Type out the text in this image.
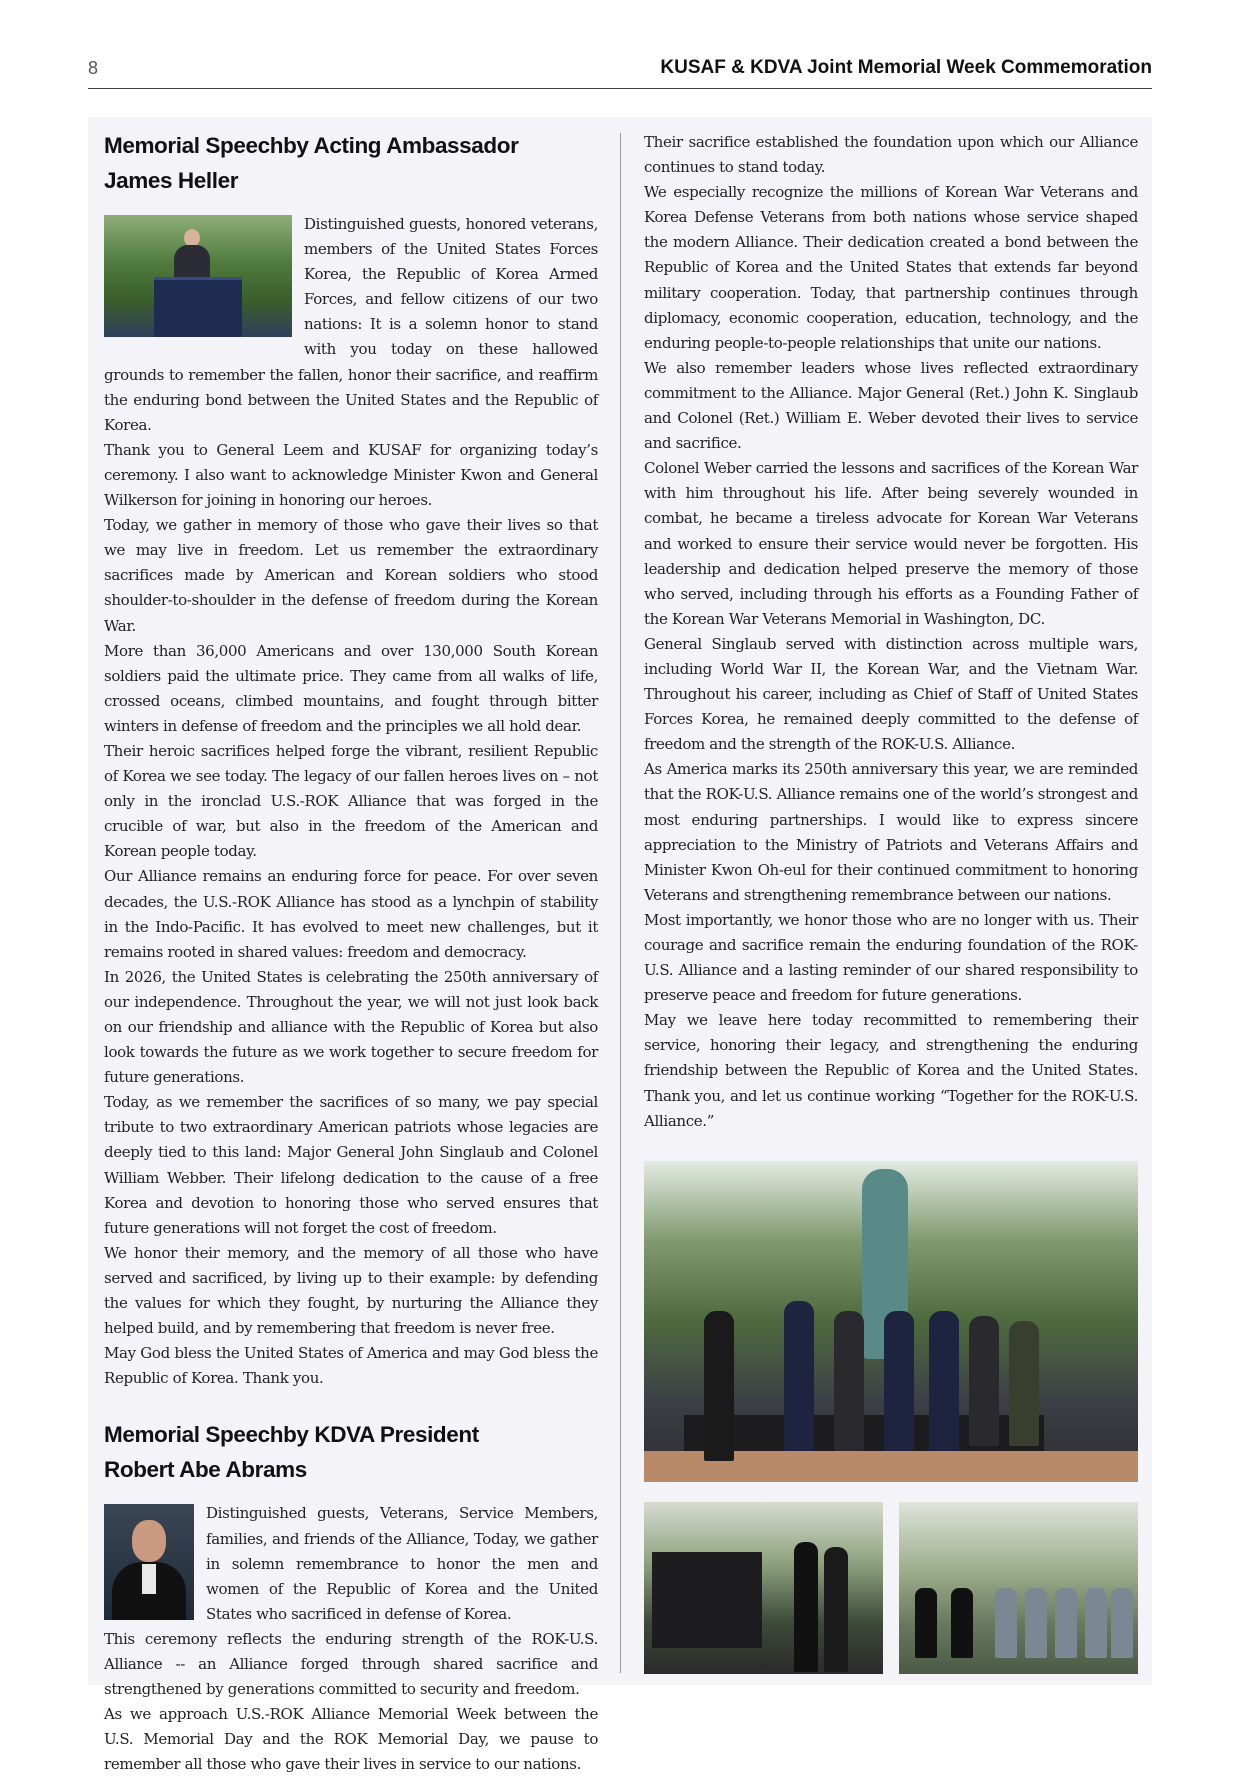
8	KUSAF & KDVA Joint Memorial Week Commemoration
Memorial Speechby Acting Ambassador
James Heller

Distinguished guests, honored veterans, members of the United States Forces Korea, the Republic of Korea Armed Forces, and fellow citizens of our two nations: It is a solemn honor to stand with you today on these hallowed grounds to remember the fallen, honor their sacrifice, and reaffirm the enduring bond between the United States and the Republic of Korea.

Thank you to General Leem and KUSAF for organizing today’s ceremony. I also want to acknowledge Minister Kwon and General Wilkerson for joining in honoring our heroes.

Today, we gather in memory of those who gave their lives so that we may live in freedom. Let us remember the extraordinary sacrifices made by American and Korean soldiers who stood shoulder-to-shoulder in the defense of freedom during the Korean War.

More than 36,000 Americans and over 130,000 South Korean soldiers paid the ultimate price. They came from all walks of life, crossed oceans, climbed mountains, and fought through bitter winters in defense of freedom and the principles we all hold dear.

Their heroic sacrifices helped forge the vibrant, resilient Republic of Korea we see today. The legacy of our fallen heroes lives on – not only in the ironclad U.S.-ROK Alliance that was forged in the crucible of war, but also in the freedom of the American and Korean people today.

Our Alliance remains an enduring force for peace. For over seven decades, the U.S.-ROK Alliance has stood as a lynchpin of stability in the Indo-Pacific. It has evolved to meet new challenges, but it remains rooted in shared values: freedom and democracy.

In 2026, the United States is celebrating the 250th anniversary of our independence. Throughout the year, we will not just look back on our friendship and alliance with the Republic of Korea but also look towards the future as we work together to secure freedom for future generations.

Today, as we remember the sacrifices of so many, we pay special tribute to two extraordinary American patriots whose legacies are deeply tied to this land: Major General John Singlaub and Colonel William Webber. Their lifelong dedication to the cause of a free Korea and devotion to honoring those who served ensures that future generations will not forget the cost of freedom.

We honor their memory, and the memory of all those who have served and sacrificed, by living up to their example: by defending the values for which they fought, by nurturing the Alliance they helped build, and by remembering that freedom is never free.

May God bless the United States of America and may God bless the Republic of Korea. Thank you.

Memorial Speechby KDVA President
Robert Abe Abrams

Distinguished guests, Veterans, Service Members, families, and friends of the Alliance, Today, we gather in solemn remembrance to honor the men and women of the Republic of Korea and the United States who sacrificed in defense of Korea.

This ceremony reflects the enduring strength of the ROK-U.S. Alliance -- an Alliance forged through shared sacrifice and strengthened by generations committed to security and freedom.

As we approach U.S.-ROK Alliance Memorial Week between the U.S. Memorial Day and the ROK Memorial Day, we pause to remember all those who gave their lives in service to our nations.

Their sacrifice established the foundation upon which our Alliance continues to stand today.

We especially recognize the millions of Korean War Veterans and Korea Defense Veterans from both nations whose service shaped the modern Alliance. Their dedication created a bond between the Republic of Korea and the United States that extends far beyond military cooperation. Today, that partnership continues through diplomacy, economic cooperation, education, technology, and the enduring people-to-people relationships that unite our nations.

We also remember leaders whose lives reflected extraordinary commitment to the Alliance. Major General (Ret.) John K. Singlaub and Colonel (Ret.) William E. Weber devoted their lives to service and sacrifice.

Colonel Weber carried the lessons and sacrifices of the Korean War with him throughout his life. After being severely wounded in combat, he became a tireless advocate for Korean War Veterans and worked to ensure their service would never be forgotten. His leadership and dedication helped preserve the memory of those who served, including through his efforts as a Founding Father of the Korean War Veterans Memorial in Washington, DC.

General Singlaub served with distinction across multiple wars, including World War II, the Korean War, and the Vietnam War. Throughout his career, including as Chief of Staff of United States Forces Korea, he remained deeply committed to the defense of freedom and the strength of the ROK-U.S. Alliance.

As America marks its 250th anniversary this year, we are reminded that the ROK-U.S. Alliance remains one of the world’s strongest and most enduring partnerships. I would like to express sincere appreciation to the Ministry of Patriots and Veterans Affairs and Minister Kwon Oh-eul for their continued commitment to honoring Veterans and strengthening remembrance between our nations.

Most importantly, we honor those who are no longer with us. Their courage and sacrifice remain the enduring foundation of the ROK-U.S. Alliance and a lasting reminder of our shared responsibility to preserve peace and freedom for future generations.

May we leave here today recommitted to remembering their service, honoring their legacy, and strengthening the enduring friendship between the Republic of Korea and the United States. Thank you, and let us continue working “Together for the ROK-U.S. Alliance.”
